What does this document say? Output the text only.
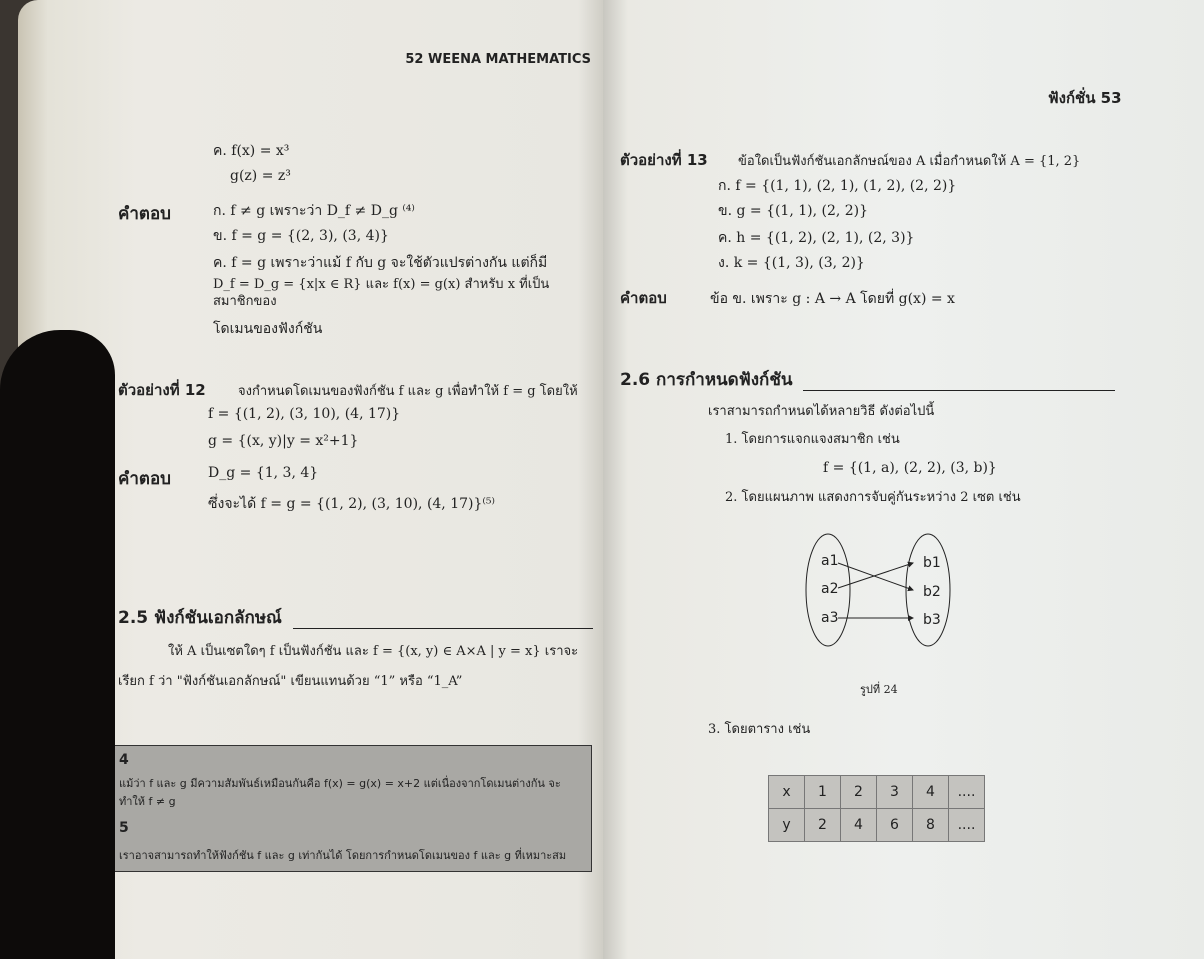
52 WEENA MATHEMATICS
ค. f(x) = x³
g(z) = z³
คำตอบ	ก. f ≠ g เพราะว่า D_f ≠ D_g ⁽⁴⁾
ข. f = g = {(2, 3), (3, 4)}
ค. f = g เพราะว่าแม้ f กับ g จะใช้ตัวแปรต่างกัน แต่ก็มี
D_f = D_g = {x|x ∈ R} และ f(x) = g(x) สำหรับ x ที่เป็นสมาชิกของ
โดเมนของฟังก์ชัน
ตัวอย่างที่ 12 จงกำหนดโดเมนของฟังก์ชัน f และ g เพื่อทำให้ f = g โดยให้
f = {(1, 2), (3, 10), (4, 17)}
g = {(x, y)|y = x²+1}
คำตอบ	D_g = {1, 3, 4}
ซึ่งจะได้ f = g = {(1, 2), (3, 10), (4, 17)}⁽⁵⁾
2.5 ฟังก์ชันเอกลักษณ์
ให้ A เป็นเซตใดๆ f เป็นฟังก์ชัน และ f = {(x, y) ∈ A×A | y = x} เราจะ
เรียก f ว่า "ฟังก์ชันเอกลักษณ์" เขียนแทนด้วย “1” หรือ “1_A”
4
แม้ว่า f และ g มีความสัมพันธ์เหมือนกันคือ f(x) = g(x) = x+2 แต่เนื่องจากโดเมนต่างกัน จะ
ทำให้ f ≠ g
5
เราอาจสามารถทำให้ฟังก์ชัน f และ g เท่ากันได้ โดยการกำหนดโดเมนของ f และ g ที่เหมาะสม
ฟังก์ชั่น 53
ตัวอย่างที่ 13 ข้อใดเป็นฟังก์ชันเอกลักษณ์ของ A เมื่อกำหนดให้ A = {1, 2}
ก. f = {(1, 1), (2, 1), (1, 2), (2, 2)}
ข. g = {(1, 1), (2, 2)}
ค. h = {(1, 2), (2, 1), (2, 3)}
ง. k = {(1, 3), (3, 2)}
คำตอบ	ข้อ ข. เพราะ g : A → A โดยที่ g(x) = x
2.6 การกำหนดฟังก์ชัน
เราสามารถกำหนดได้หลายวิธี ดังต่อไปนี้
1. โดยการแจกแจงสมาชิก เช่น
f = {(1, a), (2, 2), (3, b)}
2. โดยแผนภาพ แสดงการจับคู่กันระหว่าง 2 เซต เช่น
a1
a2
a3
b1
b2
b3
รูปที่ 24
3. โดยตาราง เช่น
x	1	2	3	4	....
y	2	4	6	8	....
